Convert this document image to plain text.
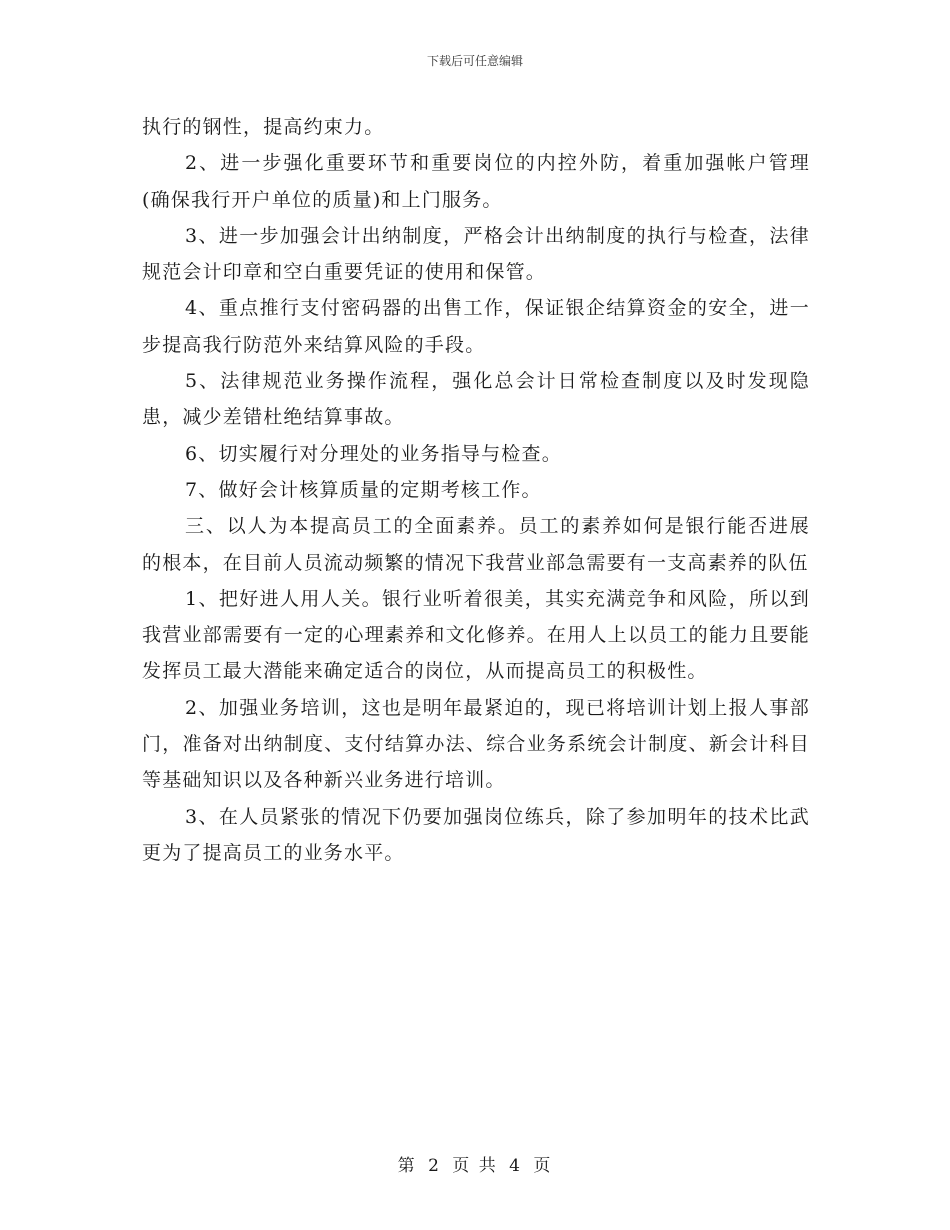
下载后可任意编辑

执行的钢性，提高约束力。

2、进一步强化重要环节和重要岗位的内控外防，着重加强帐户管理(确保我行开户单位的质量)和上门服务。

3、进一步加强会计出纳制度，严格会计出纳制度的执行与检查，法律规范会计印章和空白重要凭证的使用和保管。

4、重点推行支付密码器的出售工作，保证银企结算资金的安全，进一步提高我行防范外来结算风险的手段。

5、法律规范业务操作流程，强化总会计日常检查制度以及时发现隐患，减少差错杜绝结算事故。

6、切实履行对分理处的业务指导与检查。

7、做好会计核算质量的定期考核工作。

三、以人为本提高员工的全面素养。员工的素养如何是银行能否进展的根本，在目前人员流动频繁的情况下我营业部急需要有一支高素养的队伍

1、把好进人用人关。银行业听着很美，其实充满竞争和风险，所以到我营业部需要有一定的心理素养和文化修养。在用人上以员工的能力且要能发挥员工最大潜能来确定适合的岗位，从而提高员工的积极性。

2、加强业务培训，这也是明年最紧迫的，现已将培训计划上报人事部门，准备对出纳制度、支付结算办法、综合业务系统会计制度、新会计科目等基础知识以及各种新兴业务进行培训。

3、在人员紧张的情况下仍要加强岗位练兵，除了参加明年的技术比武更为了提高员工的业务水平。

第 2 页 共 4 页
